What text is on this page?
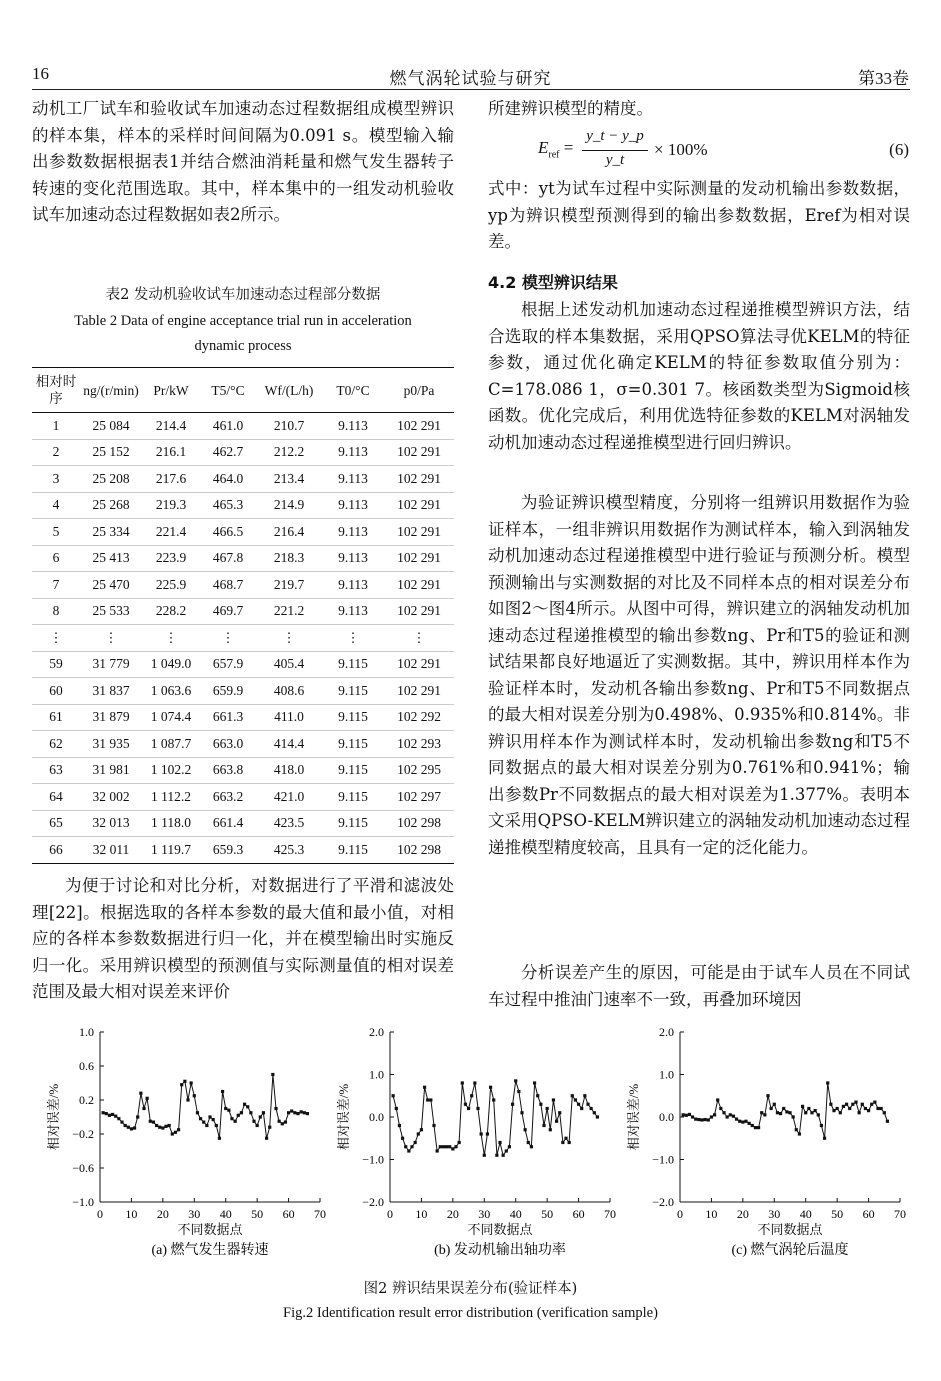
16	燃气涡轮试验与研究	第33卷
动机工厂试车和验收试车加速动态过程数据组成模型辨识的样本集，样本的采样时间间隔为0.091 s。模型输入输出参数数据根据表1并结合燃油消耗量和燃气发生器转子转速的变化范围选取。其中，样本集中的一组发动机验收试车加速动态过程数据如表2所示。
表2 发动机验收试车加速动态过程部分数据
Table 2 Data of engine acceptance trial run in acceleration
dynamic process
相对时序	ng/(r/min)	Pr/kW	T5/°C	Wf/(L/h)	T0/°C	p0/Pa
1	25 084	214.4	461.0	210.7	9.113	102 291
2	25 152	216.1	462.7	212.2	9.113	102 291
3	25 208	217.6	464.0	213.4	9.113	102 291
4	25 268	219.3	465.3	214.9	9.113	102 291
5	25 334	221.4	466.5	216.4	9.113	102 291
6	25 413	223.9	467.8	218.3	9.113	102 291
7	25 470	225.9	468.7	219.7	9.113	102 291
8	25 533	228.2	469.7	221.2	9.113	102 291
⋮	⋮	⋮	⋮	⋮	⋮	⋮
59	31 779	1 049.0	657.9	405.4	9.115	102 291
60	31 837	1 063.6	659.9	408.6	9.115	102 291
61	31 879	1 074.4	661.3	411.0	9.115	102 292
62	31 935	1 087.7	663.0	414.4	9.115	102 293
63	31 981	1 102.2	663.8	418.0	9.115	102 295
64	32 002	1 112.2	663.2	421.0	9.115	102 297
65	32 013	1 118.0	661.4	423.5	9.115	102 298
66	32 011	1 119.7	659.3	425.3	9.115	102 298
为便于讨论和对比分析，对数据进行了平滑和滤波处理[22]。根据选取的各样本参数的最大值和最小值，对相应的各样本参数数据进行归一化，并在模型输出时实施反归一化。采用辨识模型的预测值与实际测量值的相对误差范围及最大相对误差来评价
所建辨识模型的精度。
$E_{ref}$ =
y_t − y_p
y_t
× 100%	(6)
式中：yt为试车过程中实际测量的发动机输出参数数据，yp为辨识模型预测得到的输出参数数据，Eref为相对误差。
4.2 模型辨识结果
根据上述发动机加速动态过程递推模型辨识方法，结合选取的样本集数据，采用QPSO算法寻优KELM的特征参数，通过优化确定KELM的特征参数取值分别为：C=178.086 1，σ=0.301 7。核函数类型为Sigmoid核函数。优化完成后，利用优选特征参数的KELM对涡轴发动机加速动态过程递推模型进行回归辨识。
为验证辨识模型精度，分别将一组辨识用数据作为验证样本，一组非辨识用数据作为测试样本，输入到涡轴发动机加速动态过程递推模型中进行验证与预测分析。模型预测输出与实测数据的对比及不同样本点的相对误差分布如图2～图4所示。从图中可得，辨识建立的涡轴发动机加速动态过程递推模型的输出参数ng、Pr和T5的验证和测试结果都良好地逼近了实测数据。其中，辨识用样本作为验证样本时，发动机各输出参数ng、Pr和T5不同数据点的最大相对误差分别为0.498%、0.935%和0.814%。非辨识用样本作为测试样本时，发动机输出参数ng和T5不同数据点的最大相对误差分别为0.761%和0.941%；输出参数Pr不同数据点的最大相对误差为1.377%。表明本文采用QPSO-KELM辨识建立的涡轴发动机加速动态过程递推模型精度较高，且具有一定的泛化能力。
分析误差产生的原因，可能是由于试车人员在不同试车过程中推油门速率不一致，再叠加环境因
−1.0
−0.6
−0.2
0.2
0.6
1.0
0 10 20 30 40 50 60 70
不同数据点
相对误差/%
(a) 燃气发生器转速
−2.0
−1.0
0.0
1.0
2.0
0 10 20 30 40 50 60 70
不同数据点
相对误差/%
(b) 发动机输出轴功率
−2.0
−1.0
0.0
1.0
2.0
0 10 20 30 40 50 60 70
不同数据点
相对误差/%
(c) 燃气涡轮后温度
图2 辨识结果误差分布(验证样本)
Fig.2 Identification result error distribution (verification sample)
